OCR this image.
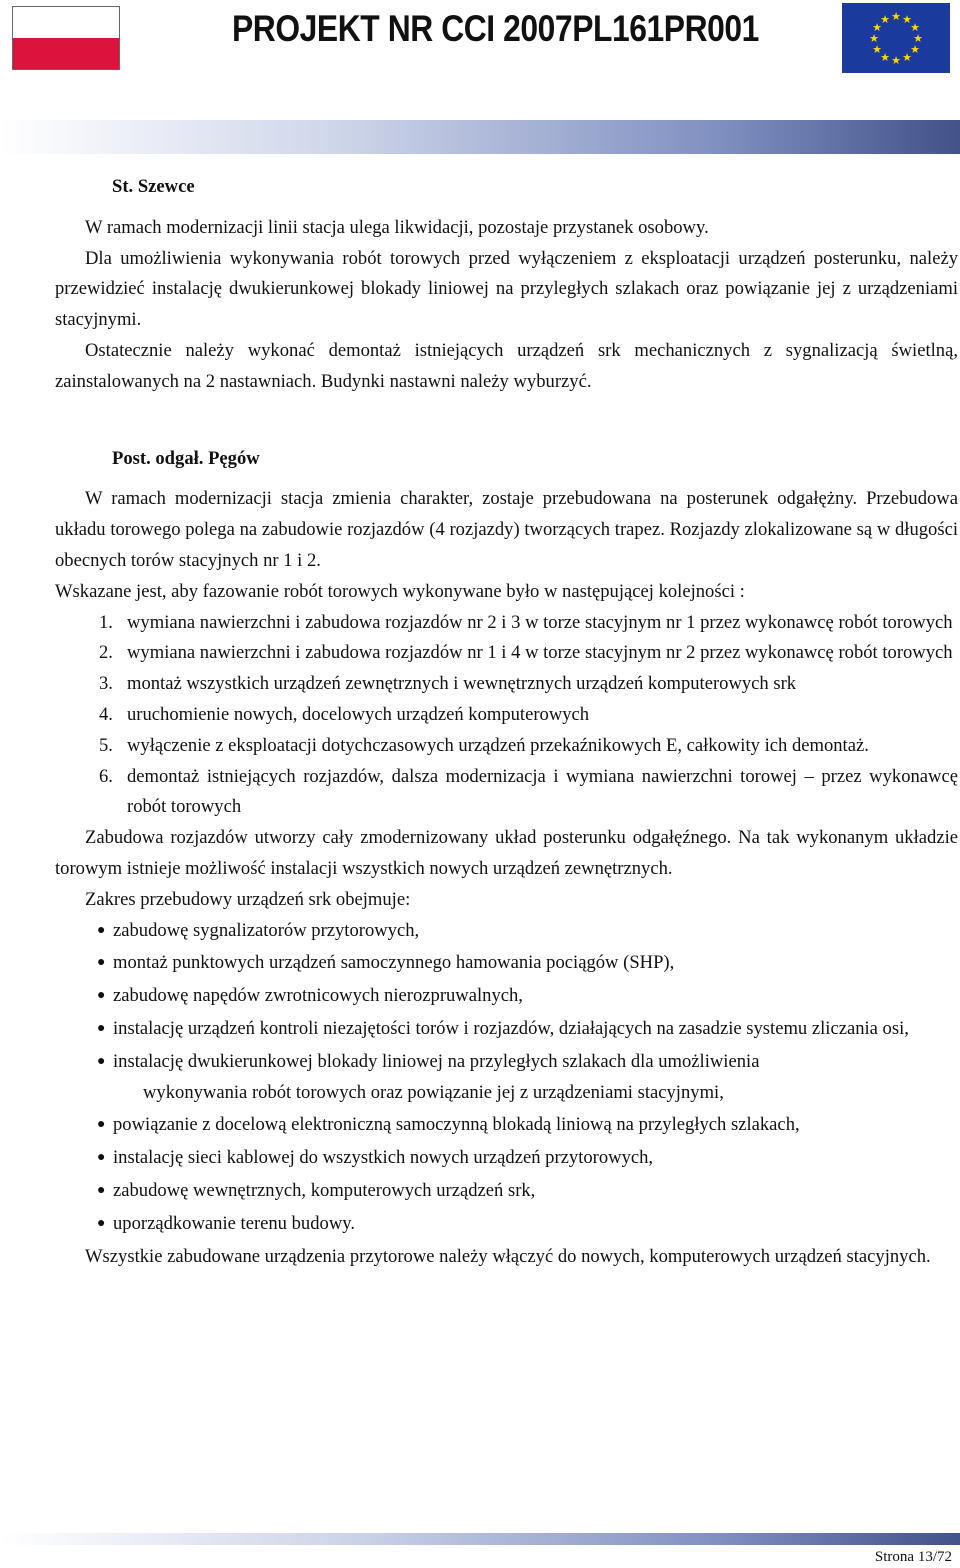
PROJEKT NR CCI 2007PL161PR001	★ ★
★
★
★
★
★
★
★
★
★
★

St. Szewce

W ramach modernizacji linii stacja ulega likwidacji, pozostaje przystanek osobowy.

Dla umożliwienia wykonywania robót torowych przed wyłączeniem z eksploatacji urządzeń posterunku, należy przewidzieć instalację dwukierunkowej blokady liniowej na przyległych szlakach oraz powiązanie jej z urządzeniami stacyjnymi.

Ostatecznie należy wykonać demontaż istniejących urządzeń srk mechanicznych z sygnalizacją świetlną, zainstalowanych na 2 nastawniach. Budynki nastawni należy wyburzyć.

Post. odgał. Pęgów

W ramach modernizacji stacja zmienia charakter, zostaje przebudowana na posterunek odgałężny. Przebudowa układu torowego polega na zabudowie rozjazdów (4 rozjazdy) tworzących trapez. Rozjazdy zlokalizowane są w długości obecnych torów stacyjnych nr 1 i 2.

Wskazane jest, aby fazowanie robót torowych wykonywane było w następującej kolejności :

1. wymiana nawierzchni i zabudowa rozjazdów nr 2 i 3 w torze stacyjnym nr 1 przez wykonawcę robót torowych
2. wymiana nawierzchni i zabudowa rozjazdów nr 1 i 4 w torze stacyjnym nr 2 przez wykonawcę robót torowych
3. montaż wszystkich urządzeń zewnętrznych i wewnętrznych urządzeń komputerowych srk
4. uruchomienie nowych, docelowych urządzeń komputerowych
5. wyłączenie z eksploatacji dotychczasowych urządzeń przekaźnikowych E, całkowity ich demontaż.
6. demontaż istniejących rozjazdów, dalsza modernizacja i wymiana nawierzchni torowej – przez wykonawcę robót torowych

Zabudowa rozjazdów utworzy cały zmodernizowany układ posterunku odgałęźnego. Na tak wykonanym układzie torowym istnieje możliwość instalacji wszystkich nowych urządzeń zewnętrznych.

Zakres przebudowy urządzeń srk obejmuje:

● zabudowę sygnalizatorów przytorowych,
● montaż punktowych urządzeń samoczynnego hamowania pociągów (SHP),
● zabudowę napędów zwrotnicowych nierozpruwalnych,
● instalację urządzeń kontroli niezajętości torów i rozjazdów, działających na zasadzie systemu zliczania osi,
● instalację dwukierunkowej blokady liniowej na przyległych szlakach dla umożliwienia
wykonywania robót torowych oraz powiązanie jej z urządzeniami stacyjnymi,
● powiązanie z docelową elektroniczną samoczynną blokadą liniową na przyległych szlakach,
● instalację sieci kablowej do wszystkich nowych urządzeń przytorowych,
● zabudowę wewnętrznych, komputerowych urządzeń srk,
● uporządkowanie terenu budowy.

Wszystkie zabudowane urządzenia przytorowe należy włączyć do nowych, komputerowych urządzeń stacyjnych.

Strona 13/72
